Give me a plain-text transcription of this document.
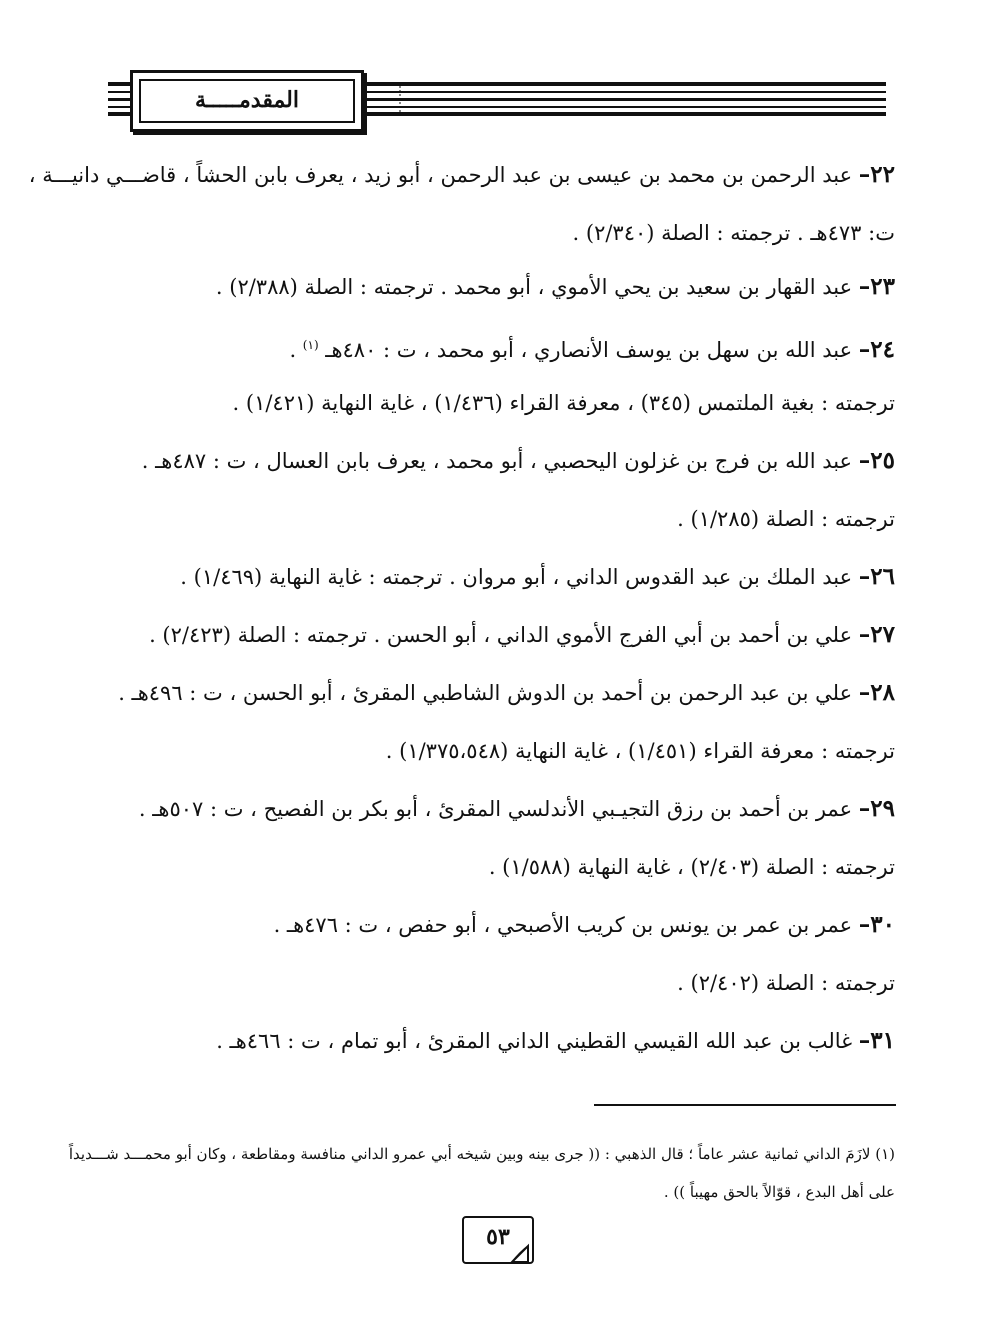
المقدمـــــة
٢٢– عبد الرحمن بن محمد بن عيسى بن عبد الرحمن ، أبو زيد ، يعرف بابن الحشاً ، قاضـــي دانيـــة ،
ت: ٤٧٣هـ . ترجمته : الصلة (٢/٣٤٠) .
٢٣– عبد القهار بن سعيد بن يحي الأموي ، أبو محمد . ترجمته : الصلة (٢/٣٨٨) .
٢٤– عبد الله بن سهل بن يوسف الأنصاري ، أبو محمد ، ت : ٤٨٠هـ $^{(١)}$ .
ترجمته : بغية الملتمس (٣٤٥) ، معرفة القراء (١/٤٣٦) ، غاية النهاية (١/٤٢١) .
٢٥– عبد الله بن فرج بن غزلون اليحصبي ، أبو محمد ، يعرف بابن العسال ، ت : ٤٨٧هـ .
ترجمته : الصلة (١/٢٨٥) .
٢٦– عبد الملك بن عبد القدوس الداني ، أبو مروان . ترجمته : غاية النهاية (١/٤٦٩) .
٢٧– علي بن أحمد بن أبي الفرج الأموي الداني ، أبو الحسن . ترجمته : الصلة (٢/٤٢٣) .
٢٨– علي بن عبد الرحمن بن أحمد بن الدوش الشاطبي المقرئ ، أبو الحسن ، ت : ٤٩٦هـ .
ترجمته : معرفة القراء (١/٤٥١) ، غاية النهاية (١/٣٧٥،٥٤٨) .
٢٩– عمر بن أحمد بن رزق التجيـبي الأندلسي المقرئ ، أبو بكر بن الفصيح ، ت : ٥٠٧هـ .
ترجمته : الصلة (٢/٤٠٣) ، غاية النهاية (١/٥٨٨) .
٣٠– عمر بن عمر بن يونس بن كريب الأصبحي ، أبو حفص ، ت : ٤٧٦هـ .
ترجمته : الصلة (٢/٤٠٢) .
٣١– غالب بن عبد الله القيسي القطيني الداني المقرئ ، أبو تمام ، ت : ٤٦٦هـ .
(١) لازَمَ الداني ثمانية عشر عاماً ؛ قال الذهبي : (( جرى بينه وبين شيخه أبي عمرو الداني منافسة ومقاطعة ، وكان أبو محمـــد شـــديداً
على أهل البدع ، قوّالاً بالحق مهيباً )) .
٥٣
